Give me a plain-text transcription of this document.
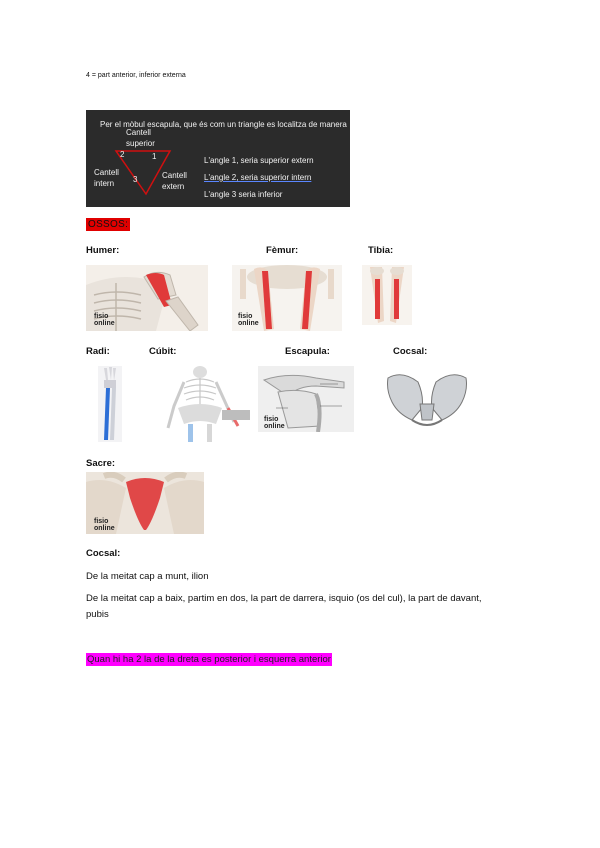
4 = part anterior, inferior externa
Per el mòbul escapula, que és com un triangle es localitza de manera
Cantell
superior
2	1
3
Cantell
intern
Cantell
extern
L'angle 1, seria superior extern
L'angle 2, seria superior intern
L'angle 3 seria inferior
OSSOS:
Humer:	Fèmur:	Tibia:
fisio
online
fisio
online
Radi:	Cúbit:	Escapula:	Cocsal:
fisio
online
Sacre:
fisio
online
Cocsal:
De la meitat cap a munt, ilion
De la meitat cap a baix, partim en dos, la part de darrera, isquio (os del cul), la part de davant,
pubis
Quan hi ha 2 la de la dreta es posterior i esquerra anterior
